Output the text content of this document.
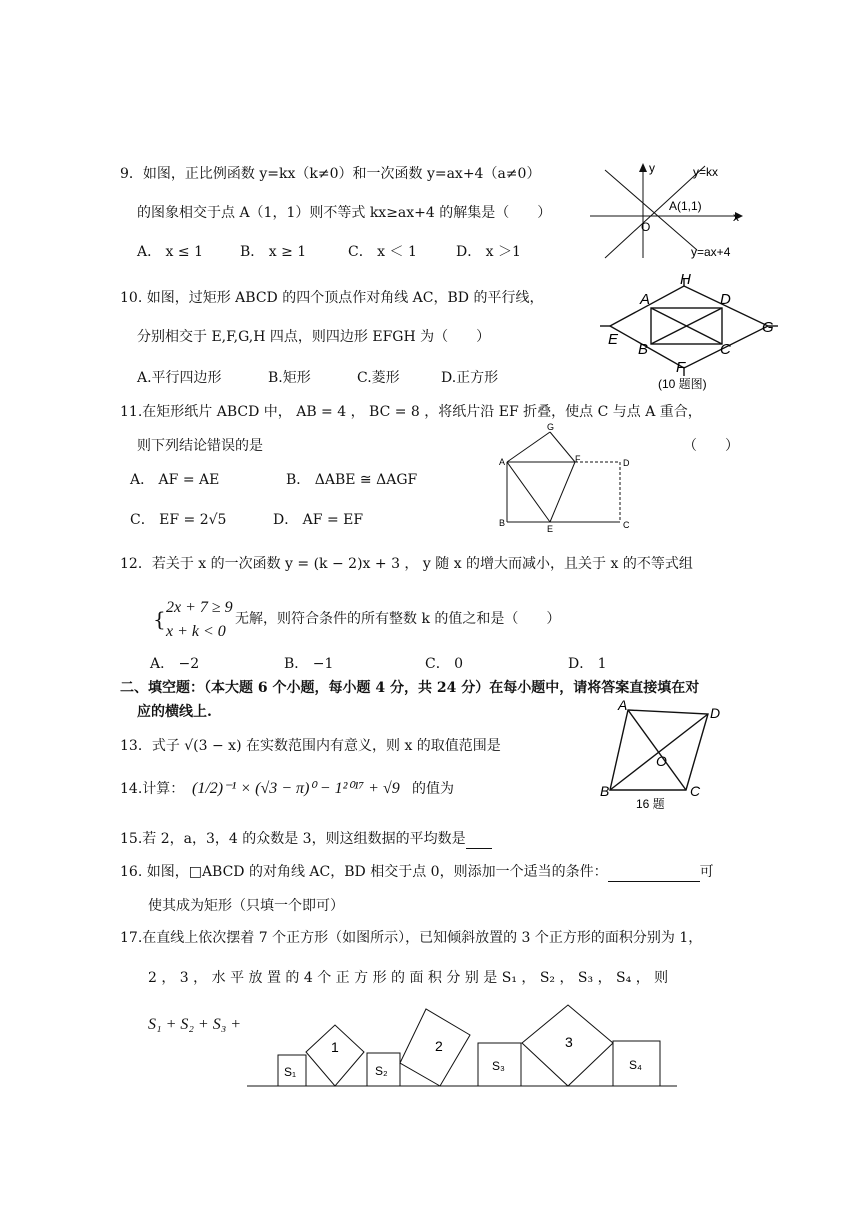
9．如图，正比例函数 y=kx（k≠0）和一次函数 y=ax+4（a≠0）
的图象相交于点 A（1，1）则不等式 kx≥ax+4 的解集是（　　）
A． x ≤ 1	B． x ≥ 1	C． x ＜ 1	D． x ＞1
y
x
O
A(1,1)
y=kx
y=ax+4
10. 如图，过矩形 ABCD 的四个顶点作对角线 AC，BD 的平行线，
分别相交于 E,F,G,H 四点，则四边形 EFGH 为（　　）
A.平行四边形	B.矩形	C.菱形	D.正方形
A	D
B	C
E
G
H
F
(10 题图)
11.在矩形纸片 ABCD 中， AB = 4 ， BC = 8 ，将纸片沿 EF 折叠，使点 C 与点 A 重合，
则下列结论错误的是	（　　）
A． AF = AE	B． ΔABE ≅ ΔAGF
C． EF = 2√5	D． AF = EF
A
B	C
D
E
F
G
12．若关于 x 的一次函数 y = (k − 2)x + 3 ， y 随 x 的增大而减小，且关于 x 的不等式组
{ 2x + 7 ≥ 9
x + k < 0
无解，则符合条件的所有整数 k 的值之和是（　　）
A． −2	B． −1	C． 0	D． 1
二、填空题：（本大题 6 个小题，每小题 4 分，共 24 分）在每小题中，请将答案直接填在对
应的横线上.	A	D
B	C
O
16 题
13．式子 √(3 − x) 在实数范围内有意义，则 x 的取值范围是
14.计算： (1/2)⁻¹ × (√3 − π)⁰ − 1²⁰¹⁷ + √9 的值为
15.若 2，a，3，4 的众数是 3，则这组数据的平均数是
16. 如图，□ABCD 的对角线 AC，BD 相交于点 0，则添加一个适当的条件：	可
使其成为矩形（只填一个即可）
17.在直线上依次摆着 7 个正方形（如图所示），已知倾斜放置的 3 个正方形的面积分别为 1，
2 ， 3 ， 水 平 放 置 的 4 个 正 方 形 的 面 积 分 别 是 S₁ ， S₂ ， S₃ ， S₄ ， 则
S₁ + S₂ + S₃ +
S₁	S₂	S₃	S₄
1	2	3
